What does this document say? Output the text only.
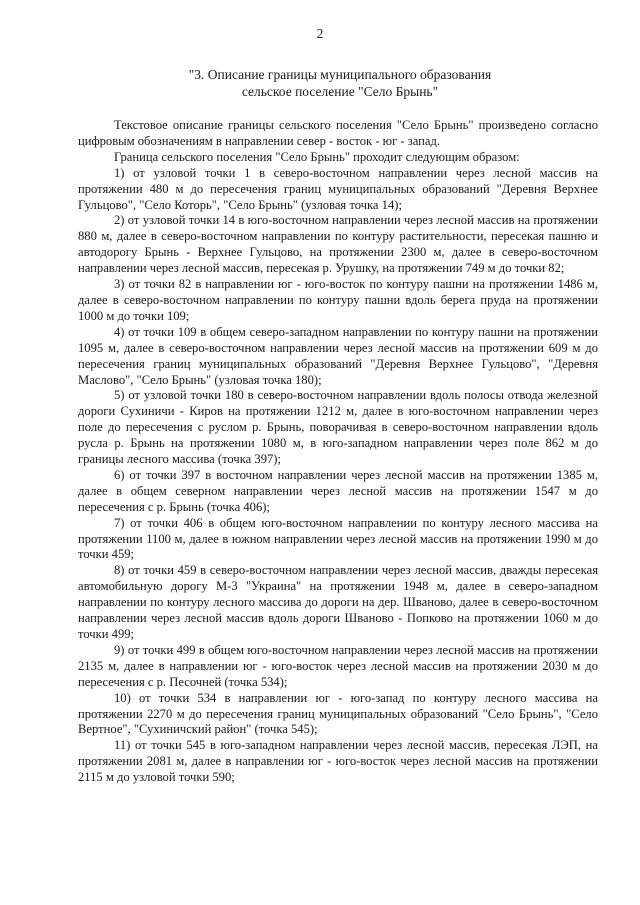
2
"3. Описание границы муниципального образования
сельское поселение "Село Брынь"

Текстовое описание границы сельского поселения "Село Брынь" произведено согласно цифровым обозначениям в направлении север - восток - юг - запад.

Граница сельского поселения "Село Брынь" проходит следующим образом:

1) от узловой точки 1 в северо-восточном направлении через лесной массив на протяжении 480 м до пересечения границ муниципальных образований "Деревня Верхнее Гульцово", "Село Которь", "Село Брынь" (узловая точка 14);

2) от узловой точки 14 в юго-восточном направлении через лесной массив на протяжении 880 м, далее в северо-восточном направлении по контуру растительности, пересекая пашню и автодорогу Брынь - Верхнее Гульцово, на протяжении 2300 м, далее в северо-восточном направлении через лесной массив, пересекая р. Урушку, на протяжении 749 м до точки 82;

3) от точки 82 в направлении юг - юго-восток по контуру пашни на протяжении 1486 м, далее в северо-восточном направлении по контуру пашни вдоль берега пруда на протяжении 1000 м до точки 109;

4) от точки 109 в общем северо-западном направлении по контуру пашни на протяжении 1095 м, далее в северо-восточном направлении через лесной массив на протяжении 609 м до пересечения границ муниципальных образований "Деревня Верхнее Гульцово", "Деревня Маслово", "Село Брынь" (узловая точка 180);

5) от узловой точки 180 в северо-восточном направлении вдоль полосы отвода железной дороги Сухиничи - Киров на протяжении 1212 м, далее в юго-восточном направлении через поле до пересечения с руслом р. Брынь, поворачивая в северо-восточном направлении вдоль русла р. Брынь на протяжении 1080 м, в юго-западном направлении через поле 862 м до границы лесного массива (точка 397);

6) от точки 397 в восточном направлении через лесной массив на протяжении 1385 м, далее в общем северном направлении через лесной массив на протяжении 1547 м до пересечения с р. Брынь (точка 406);

7) от точки 406 в общем юго-восточном направлении по контуру лесного массива на протяжении 1100 м, далее в южном направлении через лесной массив на протяжении 1990 м до точки 459;

8) от точки 459 в северо-восточном направлении через лесной массив, дважды пересекая автомобильную дорогу М-3 "Украина" на протяжении 1948 м, далее в северо-западном направлении по контуру лесного массива до дороги на дер. Шваново, далее в северо-восточном направлении через лесной массив вдоль дороги Шваново - Попково на протяжении 1060 м до точки 499;

9) от точки 499 в общем юго-восточном направлении через лесной массив на протяжении 2135 м, далее в направлении юг - юго-восток через лесной массив на протяжении 2030 м до пересечения с р. Песочней (точка 534);

10) от точки 534 в направлении юг - юго-запад по контуру лесного массива на протяжении 2270 м до пересечения границ муниципальных образований "Село Брынь", "Село Вертное", "Сухиничский район" (точка 545);

11) от точки 545 в юго-западном направлении через лесной массив, пересекая ЛЭП, на протяжении 2081 м, далее в направлении юг - юго-восток через лесной массив на протяжении 2115 м до узловой точки 590;
